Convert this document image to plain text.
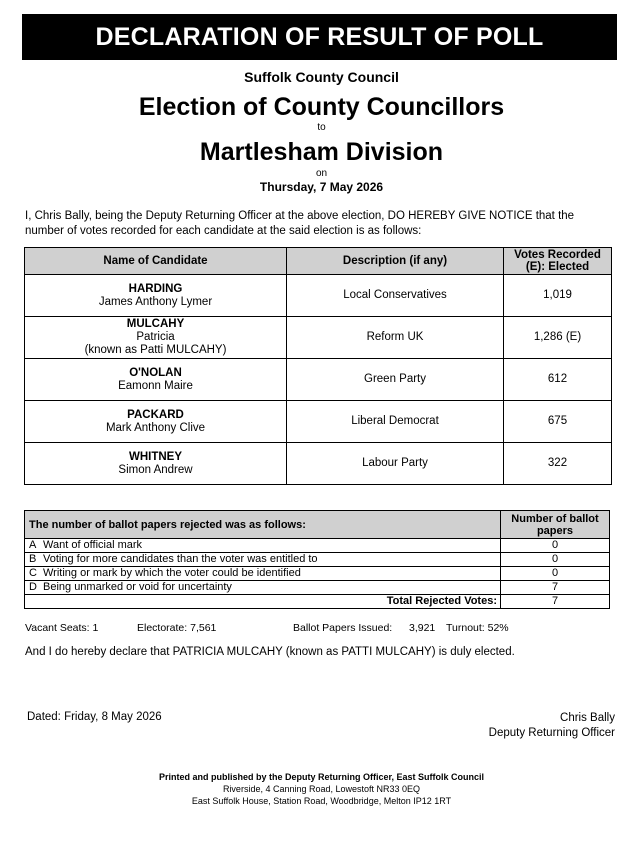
DECLARATION OF RESULT OF POLL
Suffolk County Council
Election of County Councillors
to
Martlesham Division
on
Thursday, 7 May 2026
I, Chris Bally, being the Deputy Returning Officer at the above election, DO HEREBY GIVE NOTICE that the number of votes recorded for each candidate at the said election is as follows:
Name of Candidate	Description (if any)	Votes Recorded (E): Elected

HARDING
James Anthony Lymer	Local Conservatives	1,019

MULCAHY
Patricia
(known as Patti MULCAHY)	Reform UK	1,286 (E)

O'NOLAN
Eamonn Maire	Green Party	612

PACKARD
Mark Anthony Clive	Liberal Democrat	675

WHITNEY
Simon Andrew	Labour Party	322
The number of ballot papers rejected was as follows:		Number of ballot papers
A	Want of official mark	0
B	Voting for more candidates than the voter was entitled to	0
C	Writing or mark by which the voter could be identified	0
D	Being unmarked or void for uncertainty	7
Total Rejected Votes:		7
Vacant Seats: 1	Electorate: 7,561	Ballot Papers Issued: 3,921 Turnout: 52%
And I do hereby declare that PATRICIA MULCAHY (known as PATTI MULCAHY) is duly elected.
Dated: Friday, 8 May 2026	Chris Bally
Deputy Returning Officer
Printed and published by the Deputy Returning Officer, East Suffolk Council
Riverside, 4 Canning Road, Lowestoft NR33 0EQ
East Suffolk House, Station Road, Woodbridge, Melton IP12 1RT
